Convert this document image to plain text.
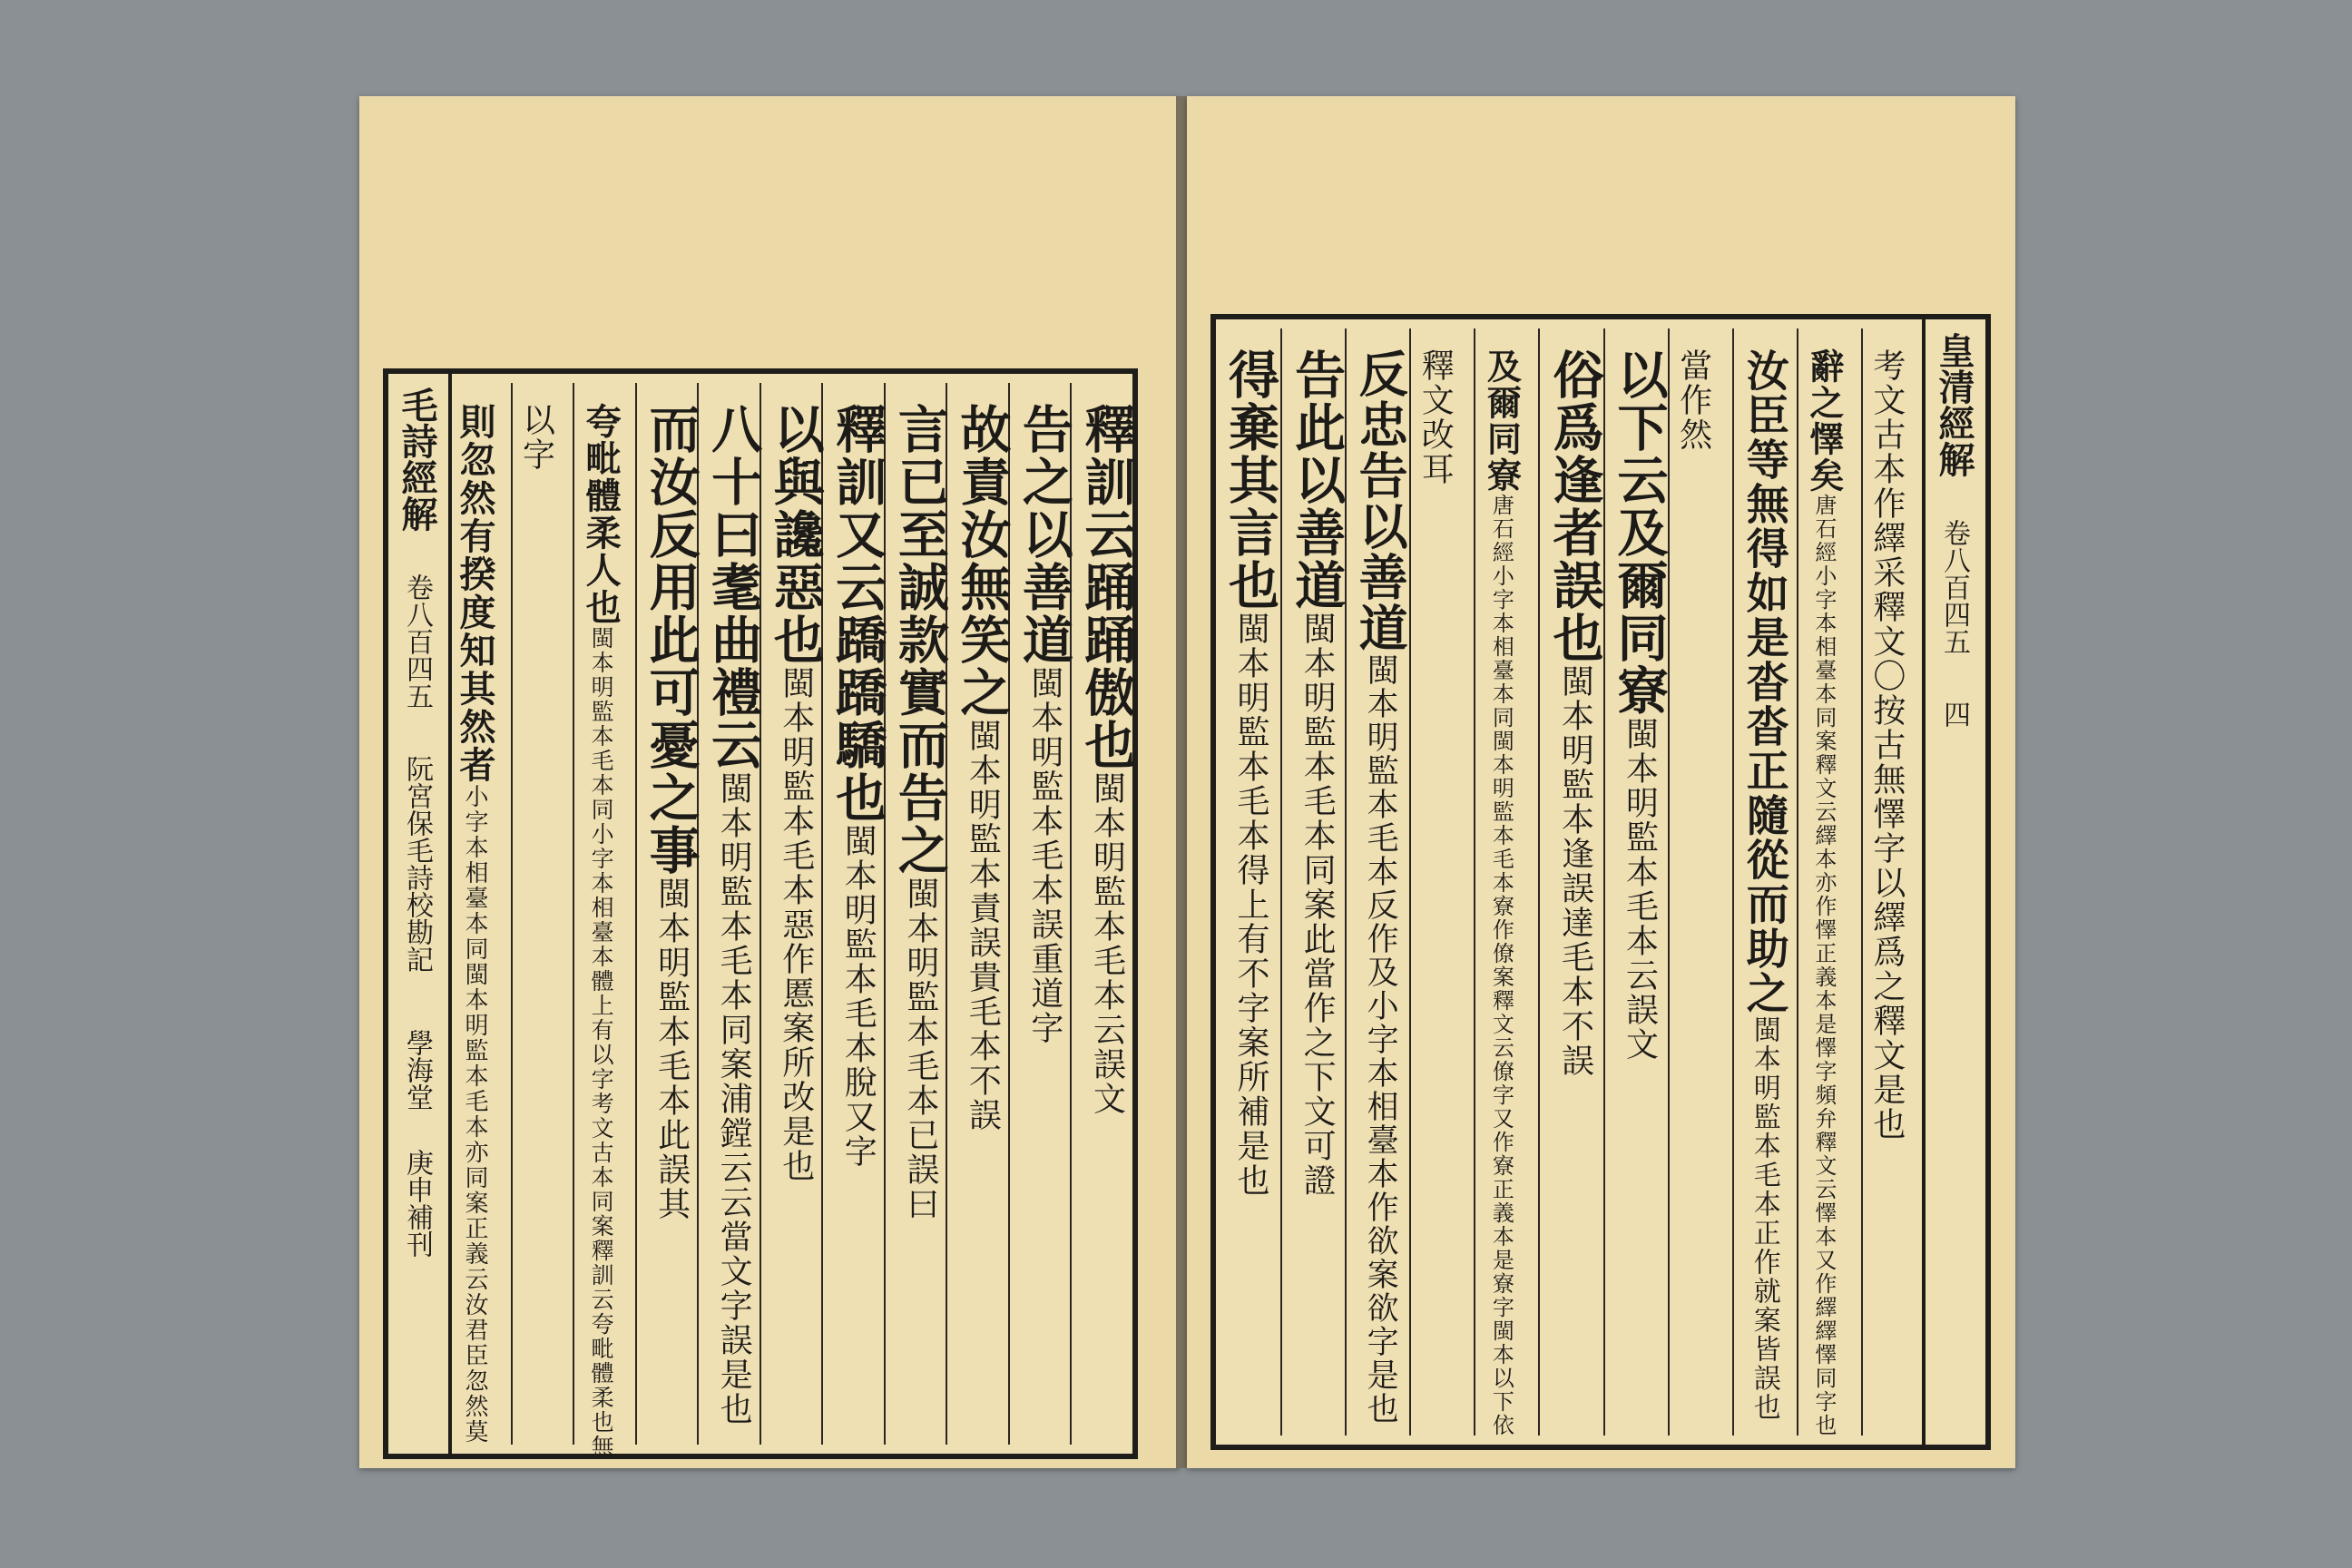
毛詩經解
卷八百四五
阮宮保毛詩校勘記
學海堂
庚申補刊
釋訓云踊踊傲也閩本明監本毛本云誤文
告之以善道閩本明監本毛本誤重道字
故責汝無笑之閩本明監本責誤貴毛本不誤
言已至誠款實而告之閩本明監本毛本已誤曰
釋訓又云蹻蹻驕也閩本明監本毛本脫又字
以與讒惡也閩本明監本毛本惡作慝案所改是也
八十曰耄曲禮云閩本明監本毛本同案浦鏜云云當文字誤是也
而汝反用此可憂之事閩本明監本毛本此誤其
夸毗體柔人也閩本明監本毛本同小字本相臺本體上有以字考文古本同案釋訓云夸毗體柔也無
以字
則忽然有揆度知其然者小字本相臺本同閩本明監本毛本亦同案正義云汝君臣忽然莫
皇清經解
卷八百四五
四
考文古本作繹采釋文〇按古無懌字以繹爲之釋文是也
辭之懌矣唐石經小字本相臺本同案釋文云繹本亦作懌正義本是懌字頻弁釋文云懌本又作繹繹懌同字也
汝臣等無得如是沓沓正隨從而助之閩本明監本毛本正作就案皆誤也
當作然
以下云及爾同寮閩本明監本毛本云誤文
俗爲逢者誤也閩本明監本逢誤達毛本不誤
及爾同寮唐石經小字本相臺本同閩本明監本毛本寮作僚案釋文云僚字又作寮正義本是寮字閩本以下依
釋文改耳
反忠告以善道閩本明監本毛本反作及小字本相臺本作欲案欲字是也
告此以善道閩本明監本毛本同案此當作之下文可證
得棄其言也閩本明監本毛本得上有不字案所補是也
